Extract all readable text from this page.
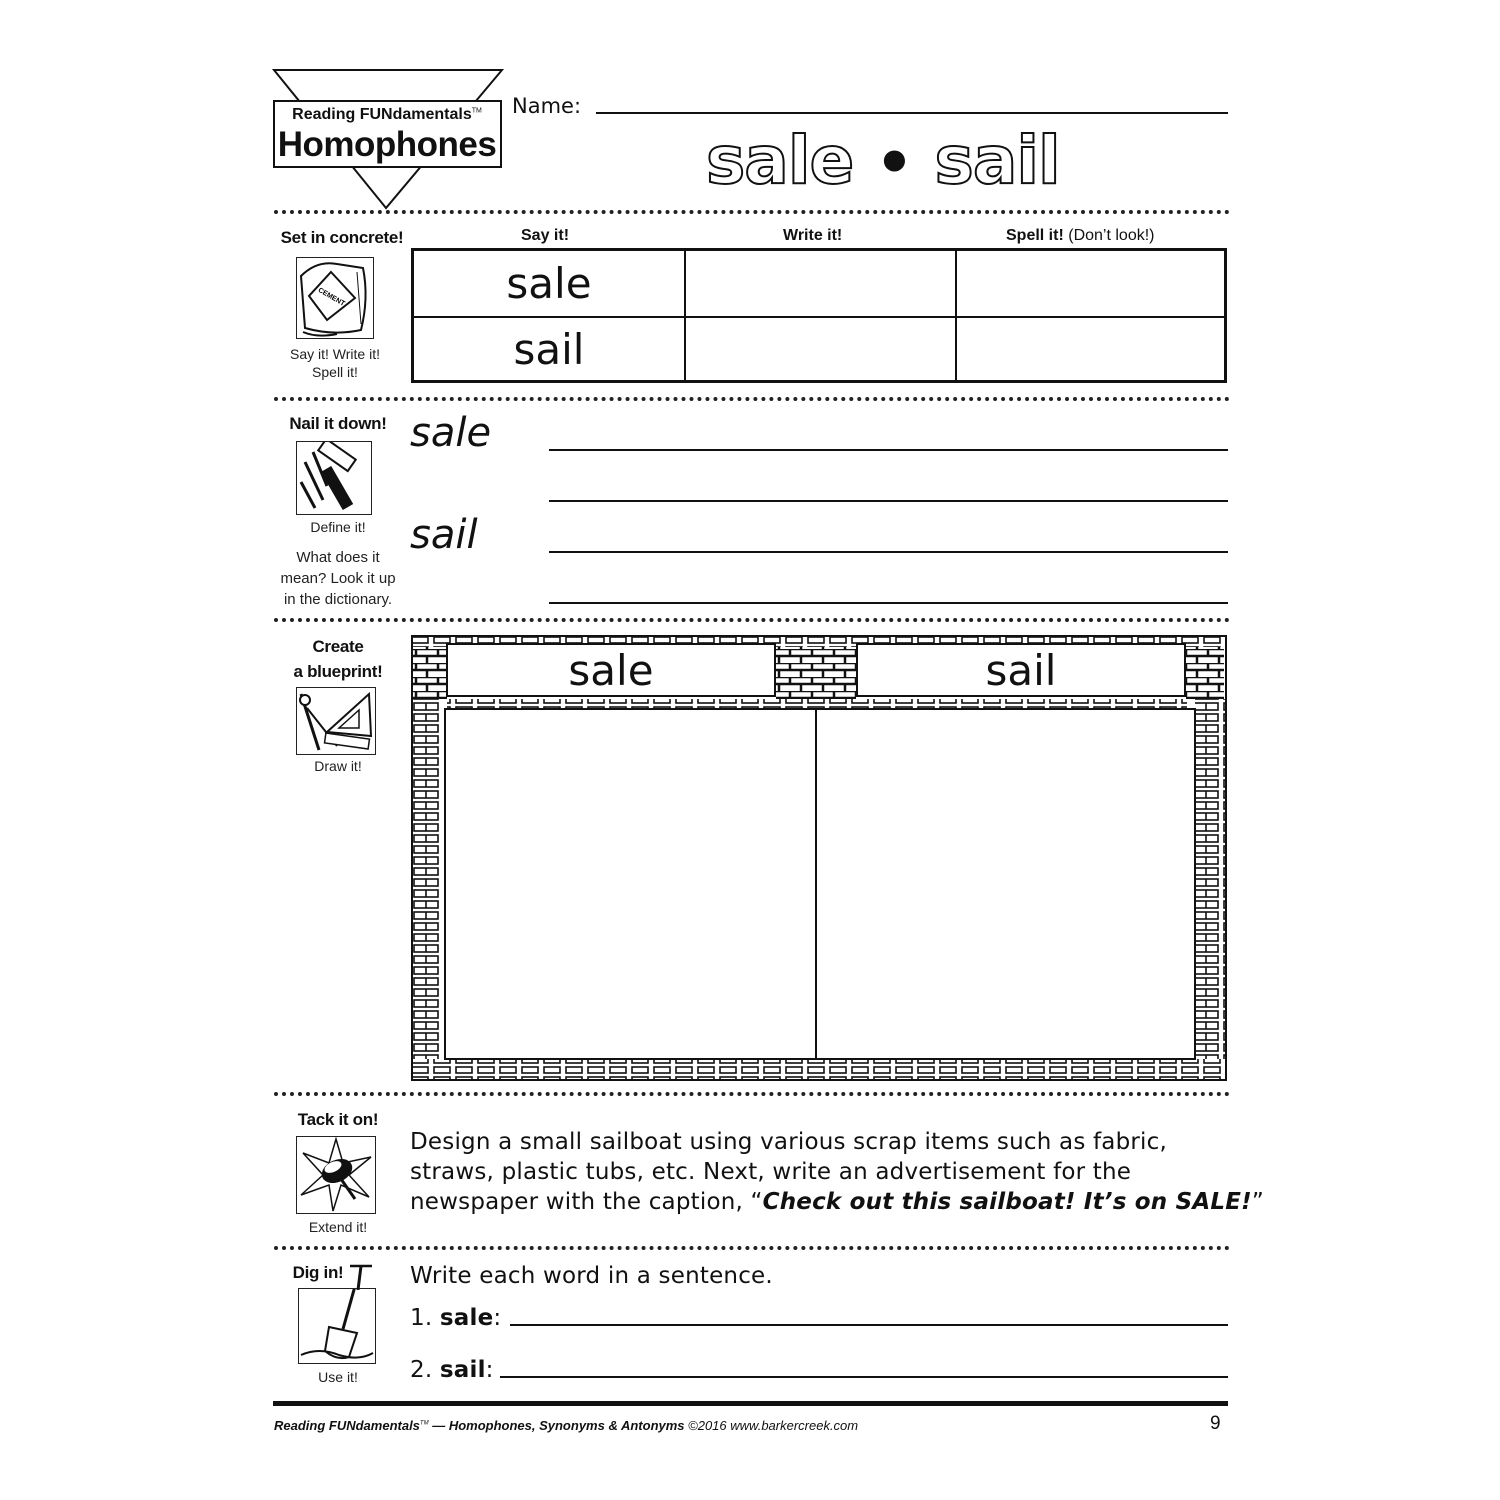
Reading FUNdamentals™
Homophones
Name:
sale • sail
Set in concrete!
CEMENT
Say it! Write it!
Spell it!
Say it!	Write it!	Spell it! (Don’t look!)
sale
sail
Nail it down!
Define it!
What does it
mean? Look it up
in the dictionary.
sale
sail
Create
a blueprint!
Draw it!
sale	sail
Tack it on!
Extend it!
Design a small sailboat using various scrap items such as fabric,
straws, plastic tubs, etc. Next, write an advertisement for the
newspaper with the caption, “Check out this sailboat! It’s on SALE!”
Dig in!
Use it!
Write each word in a sentence.
1. sale:
2. sail:
Reading FUNdamentals™ — Homophones, Synonyms & Antonyms ©2016 www.barkercreek.com	9
